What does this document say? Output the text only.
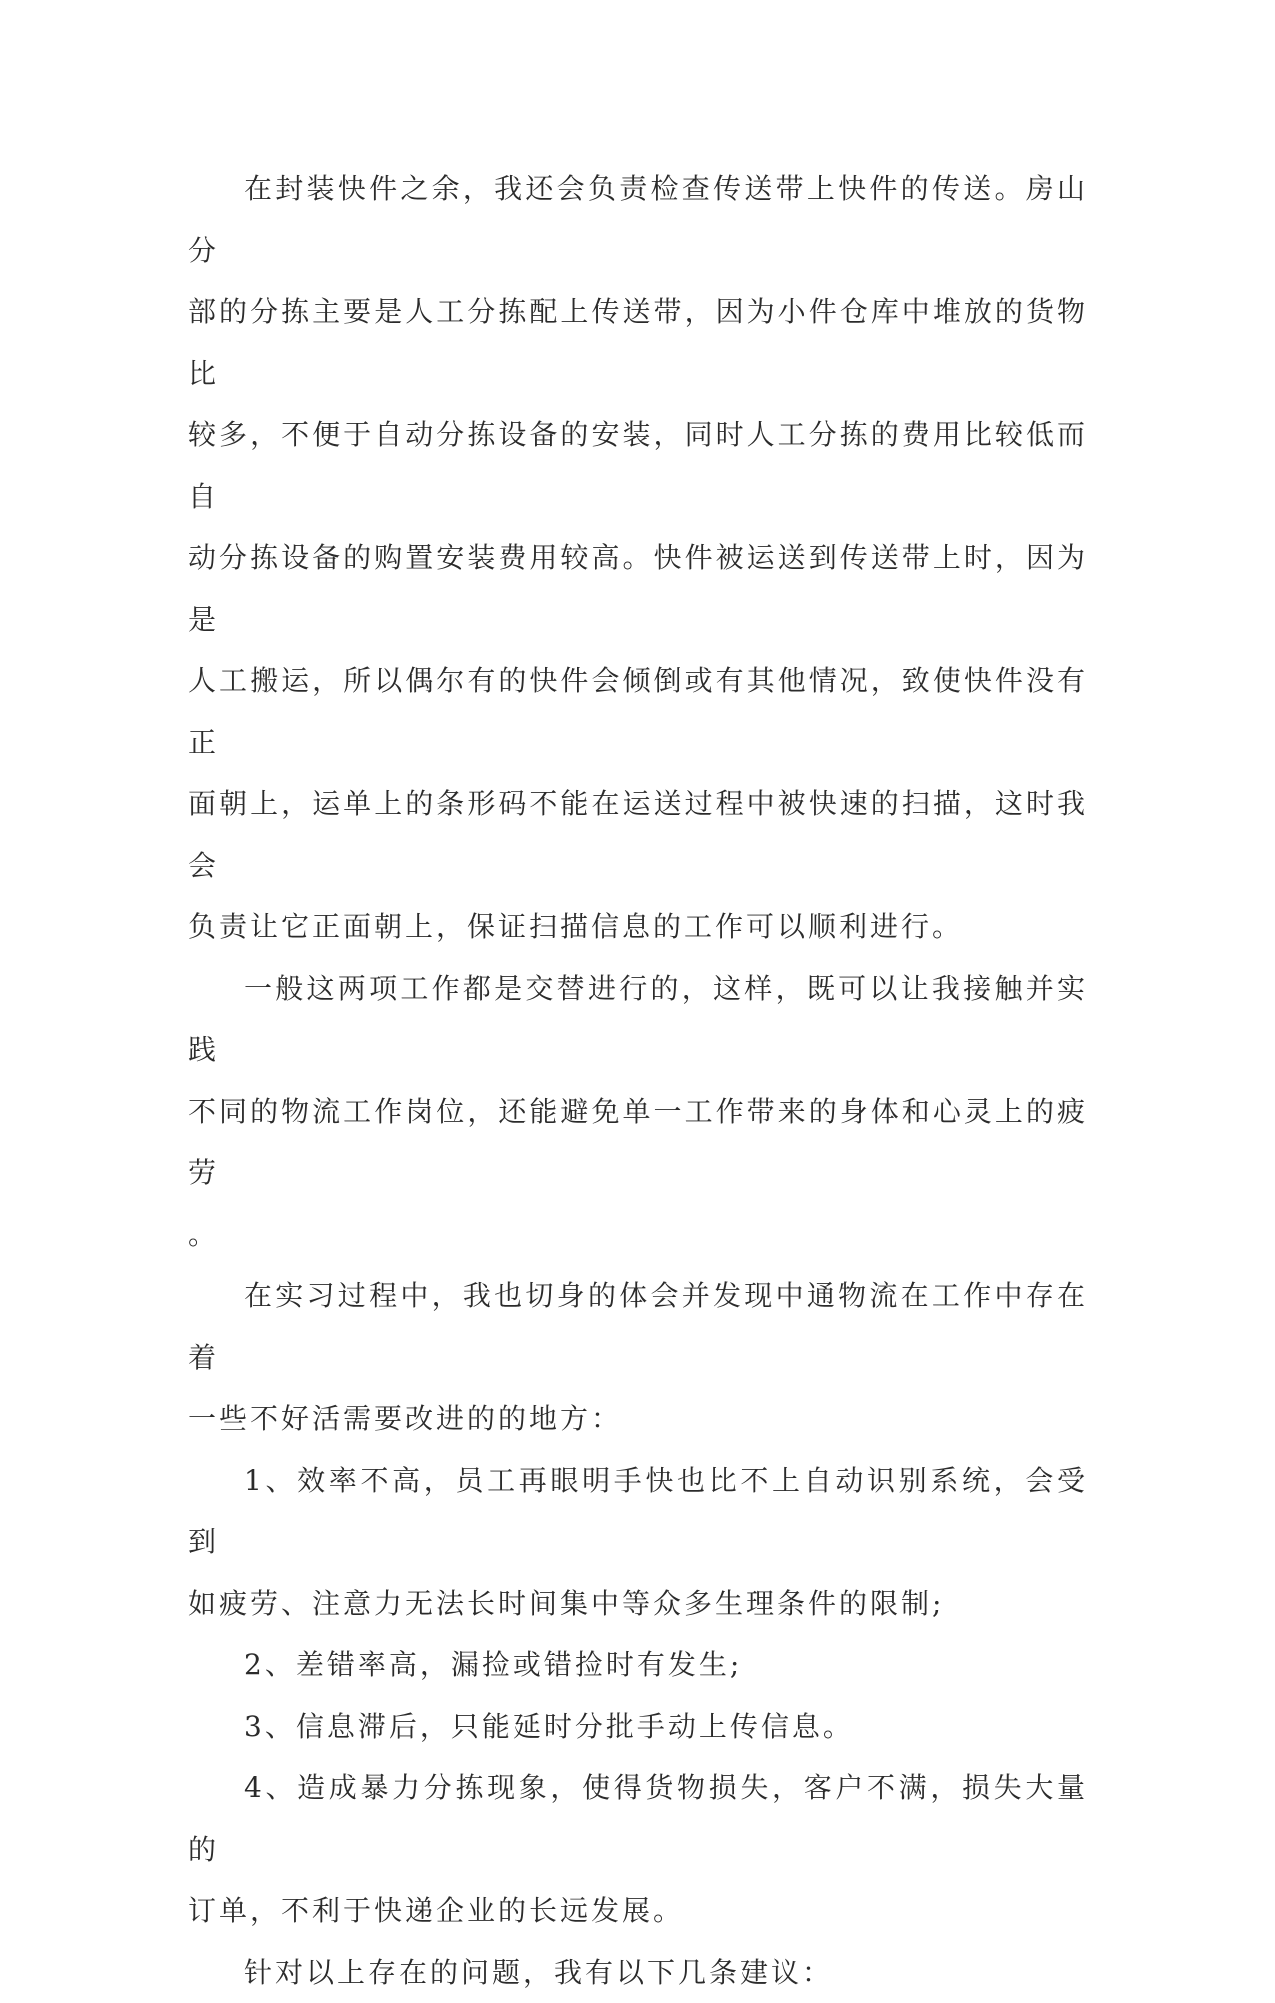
在封装快件之余，我还会负责检查传送带上快件的传送。房山分
部的分拣主要是人工分拣配上传送带，因为小件仓库中堆放的货物比
较多，不便于自动分拣设备的安装，同时人工分拣的费用比较低而自
动分拣设备的购置安装费用较高。快件被运送到传送带上时，因为是
人工搬运，所以偶尔有的快件会倾倒或有其他情况，致使快件没有正
面朝上，运单上的条形码不能在运送过程中被快速的扫描，这时我会
负责让它正面朝上，保证扫描信息的工作可以顺利进行。

一般这两项工作都是交替进行的，这样，既可以让我接触并实践
不同的物流工作岗位，还能避免单一工作带来的身体和心灵上的疲劳
。

在实习过程中，我也切身的体会并发现中通物流在工作中存在着
一些不好活需要改进的的地方：

1、效率不高，员工再眼明手快也比不上自动识别系统，会受到
如疲劳、注意力无法长时间集中等众多生理条件的限制;

2、差错率高，漏捡或错捡时有发生;

3、信息滞后，只能延时分批手动上传信息。

4、造成暴力分拣现象，使得货物损失，客户不满，损失大量的
订单，不利于快递企业的长远发展。

针对以上存在的问题，我有以下几条建议：
